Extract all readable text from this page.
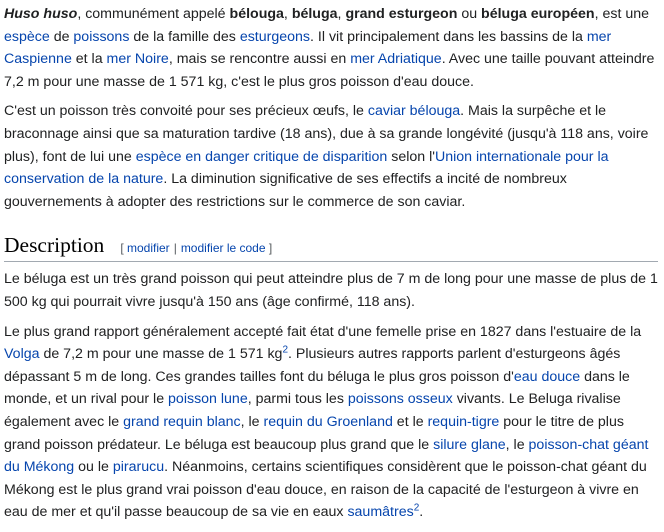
Huso huso, communément appelé bélouga, béluga, grand esturgeon ou béluga européen, est une espèce de poissons de la famille des esturgeons. Il vit principalement dans les bassins de la mer Caspienne et la mer Noire, mais se rencontre aussi en mer Adriatique. Avec une taille pouvant atteindre 7,2 m pour une masse de 1 571 kg, c'est le plus gros poisson d'eau douce.

C'est un poisson très convoité pour ses précieux œufs, le caviar bélouga. Mais la surpêche et le braconnage ainsi que sa maturation tardive (18 ans), due à sa grande longévité (jusqu'à 118 ans, voire plus), font de lui une espèce en danger critique de disparition selon l'Union internationale pour la conservation de la nature. La diminution significative de ses effectifs a incité de nombreux gouvernements à adopter des restrictions sur le commerce de son caviar.

Description [ modifier | modifier le code ]

Le béluga est un très grand poisson qui peut atteindre plus de 7 m de long pour une masse de plus de 1 500 kg qui pourrait vivre jusqu'à 150 ans (âge confirmé, 118 ans).

Le plus grand rapport généralement accepté fait état d'une femelle prise en 1827 dans l'estuaire de la Volga de 7,2 m pour une masse de 1 571 kg$^2$. Plusieurs autres rapports parlent d'esturgeons âgés dépassant 5 m de long. Ces grandes tailles font du béluga le plus gros poisson d'eau douce dans le monde, et un rival pour le poisson lune, parmi tous les poissons osseux vivants. Le Beluga rivalise également avec le grand requin blanc, le requin du Groenland et le requin-tigre pour le titre de plus grand poisson prédateur. Le béluga est beaucoup plus grand que le silure glane, le poisson-chat géant du Mékong ou le pirarucu. Néanmoins, certains scientifiques considèrent que le poisson-chat géant du Mékong est le plus grand vrai poisson d'eau douce, en raison de la capacité de l'esturgeon à vivre en eau de mer et qu'il passe beaucoup de sa vie en eaux saumâtres$^2$.
